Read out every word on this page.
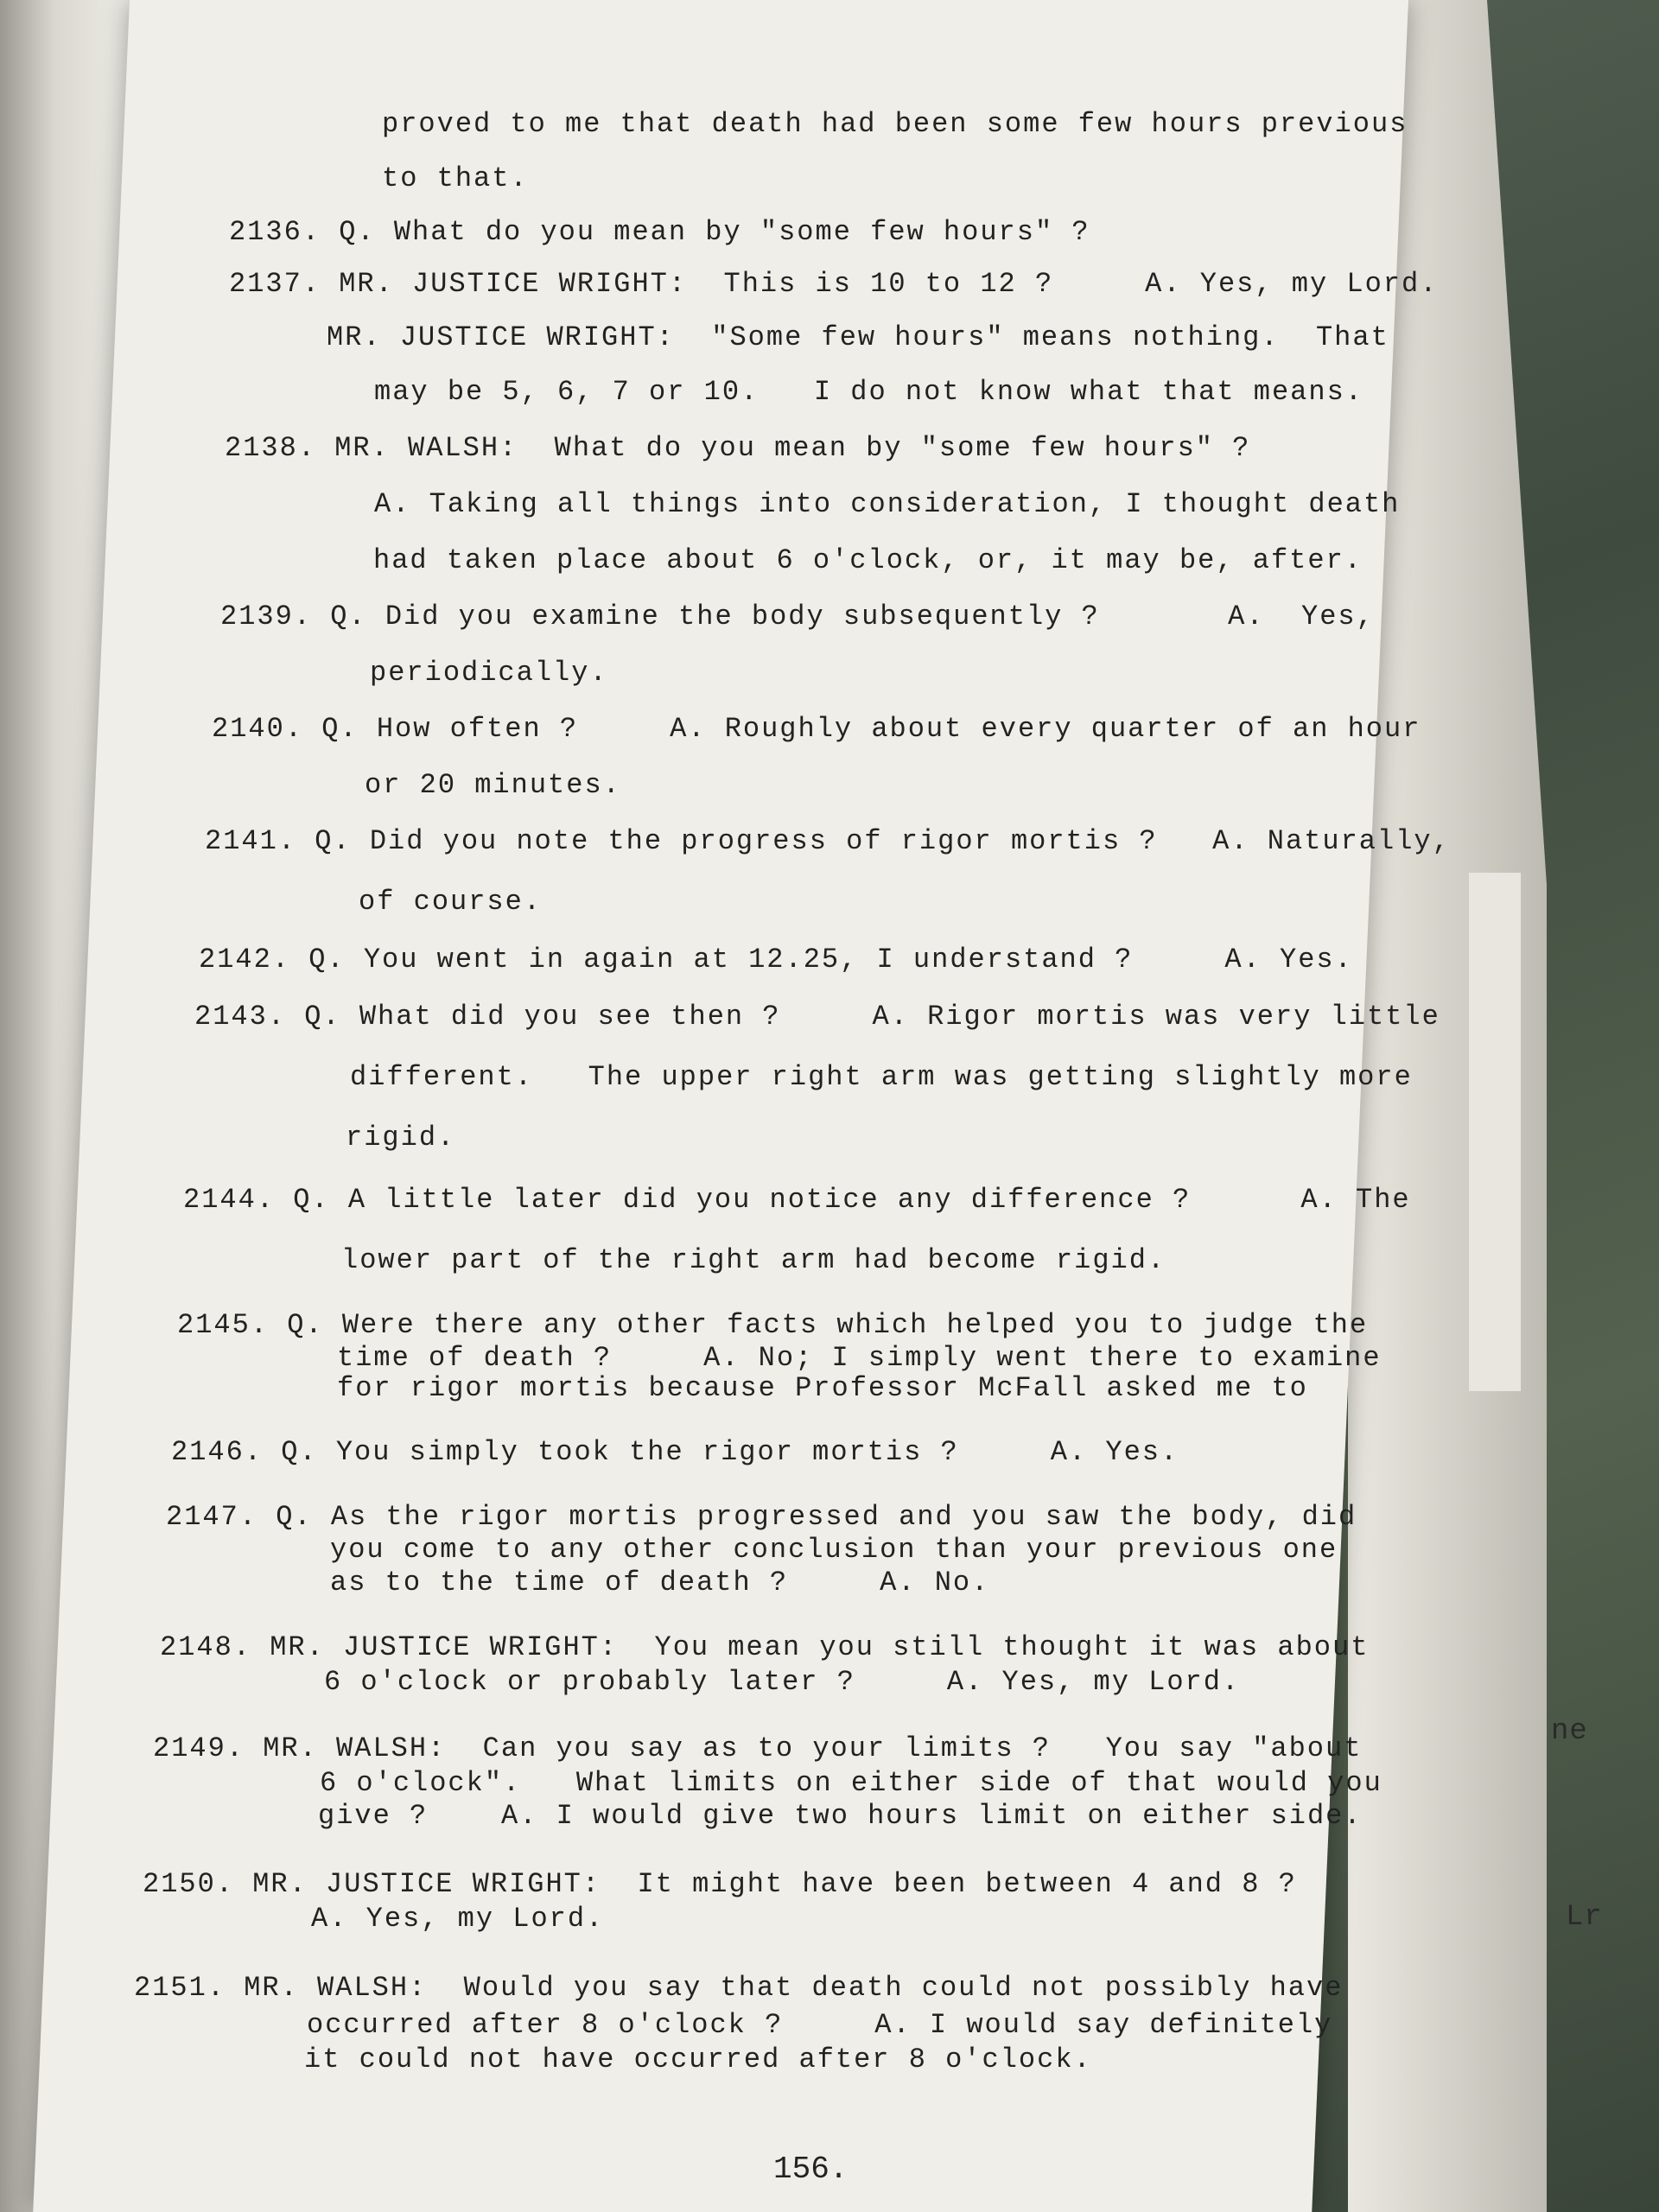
ne
Lr

proved to me that death had been some few hours previous

to that.

2136. Q. What do you mean by "some few hours" ?

2137. MR. JUSTICE WRIGHT:  This is 10 to 12 ?     A. Yes, my Lord.

MR. JUSTICE WRIGHT:  "Some few hours" means nothing.  That

may be 5, 6, 7 or 10.   I do not know what that means.

2138. MR. WALSH:  What do you mean by "some few hours" ?

A. Taking all things into consideration, I thought death

had taken place about 6 o'clock, or, it may be, after.

2139. Q. Did you examine the body subsequently ?       A.  Yes,

periodically.

2140. Q. How often ?     A. Roughly about every quarter of an hour

or 20 minutes.

2141. Q. Did you note the progress of rigor mortis ?   A. Naturally,

of course.

2142. Q. You went in again at 12.25, I understand ?     A. Yes.

2143. Q. What did you see then ?     A. Rigor mortis was very little

different.   The upper right arm was getting slightly more

rigid.

2144. Q. A little later did you notice any difference ?      A. The

lower part of the right arm had become rigid.

2145. Q. Were there any other facts which helped you to judge the

time of death ?     A. No; I simply went there to examine

for rigor mortis because Professor McFall asked me to

2146. Q. You simply took the rigor mortis ?     A. Yes.

2147. Q. As the rigor mortis progressed and you saw the body, did

you come to any other conclusion than your previous one

as to the time of death ?     A. No.

2148. MR. JUSTICE WRIGHT:  You mean you still thought it was about

6 o'clock or probably later ?     A. Yes, my Lord.

2149. MR. WALSH:  Can you say as to your limits ?   You say "about

6 o'clock".   What limits on either side of that would you

give ?    A. I would give two hours limit on either side.

2150. MR. JUSTICE WRIGHT:  It might have been between 4 and 8 ?

A. Yes, my Lord.

2151. MR. WALSH:  Would you say that death could not possibly have

occurred after 8 o'clock ?     A. I would say definitely

it could not have occurred after 8 o'clock.

156.
